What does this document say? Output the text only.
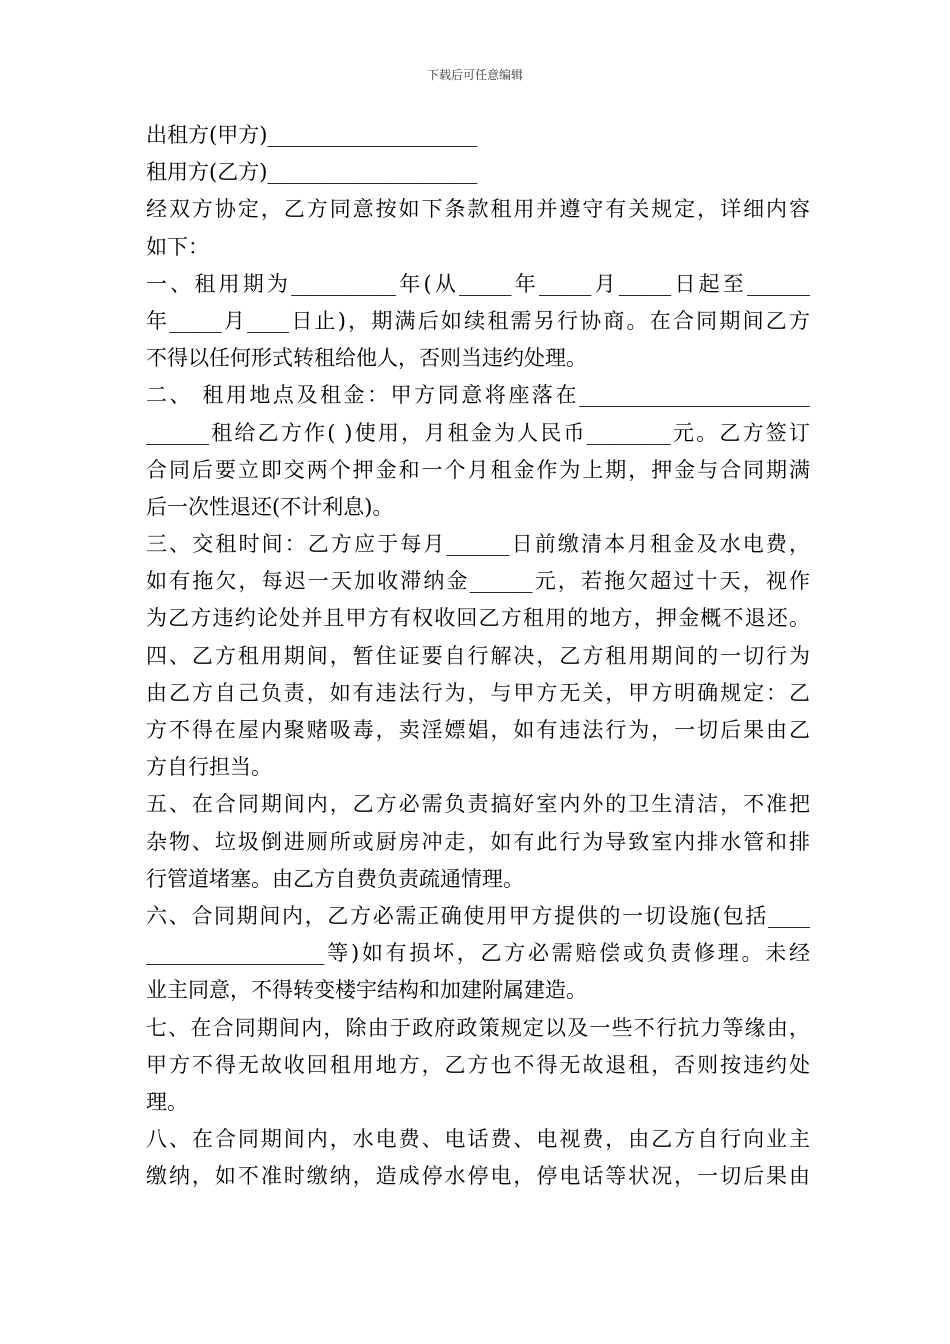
下载后可任意编辑
出租方(甲方)____________________
租用方(乙方)____________________
经双方协定，乙方同意按如下条款租用并遵守有关规定，详细内容
如下：
一、租用期为__________年(从_____年_____月_____日起至______
年_____月____日止)，期满后如续租需另行协商。在合同期间乙方
不得以任何形式转租给他人，否则当违约处理。
二、 租用地点及租金：甲方同意将座落在______________________
______租给乙方作( )使用，月租金为人民币________元。乙方签订
合同后要立即交两个押金和一个月租金作为上期，押金与合同期满
后一次性退还(不计利息)。
三、交租时间：乙方应于每月______日前缴清本月租金及水电费，
如有拖欠，每迟一天加收滞纳金______元，若拖欠超过十天，视作
为乙方违约论处并且甲方有权收回乙方租用的地方，押金概不退还。
四、乙方租用期间，暂住证要自行解决，乙方租用期间的一切行为
由乙方自己负责，如有违法行为，与甲方无关，甲方明确规定：乙
方不得在屋内聚赌吸毒，卖淫嫖娼，如有违法行为，一切后果由乙
方自行担当。
五、在合同期间内，乙方必需负责搞好室内外的卫生清洁，不准把
杂物、垃圾倒进厕所或厨房冲走，如有此行为导致室内排水管和排
行管道堵塞。由乙方自费负责疏通情理。
六、合同期间内，乙方必需正确使用甲方提供的一切设施(包括____
_________________等)如有损坏，乙方必需赔偿或负责修理。未经
业主同意，不得转变楼宇结构和加建附属建造。
七、在合同期间内，除由于政府政策规定以及一些不行抗力等缘由，
甲方不得无故收回租用地方，乙方也不得无故退租，否则按违约处
理。
八、在合同期间内，水电费、电话费、电视费，由乙方自行向业主
缴纳，如不准时缴纳，造成停水停电，停电话等状况，一切后果由
